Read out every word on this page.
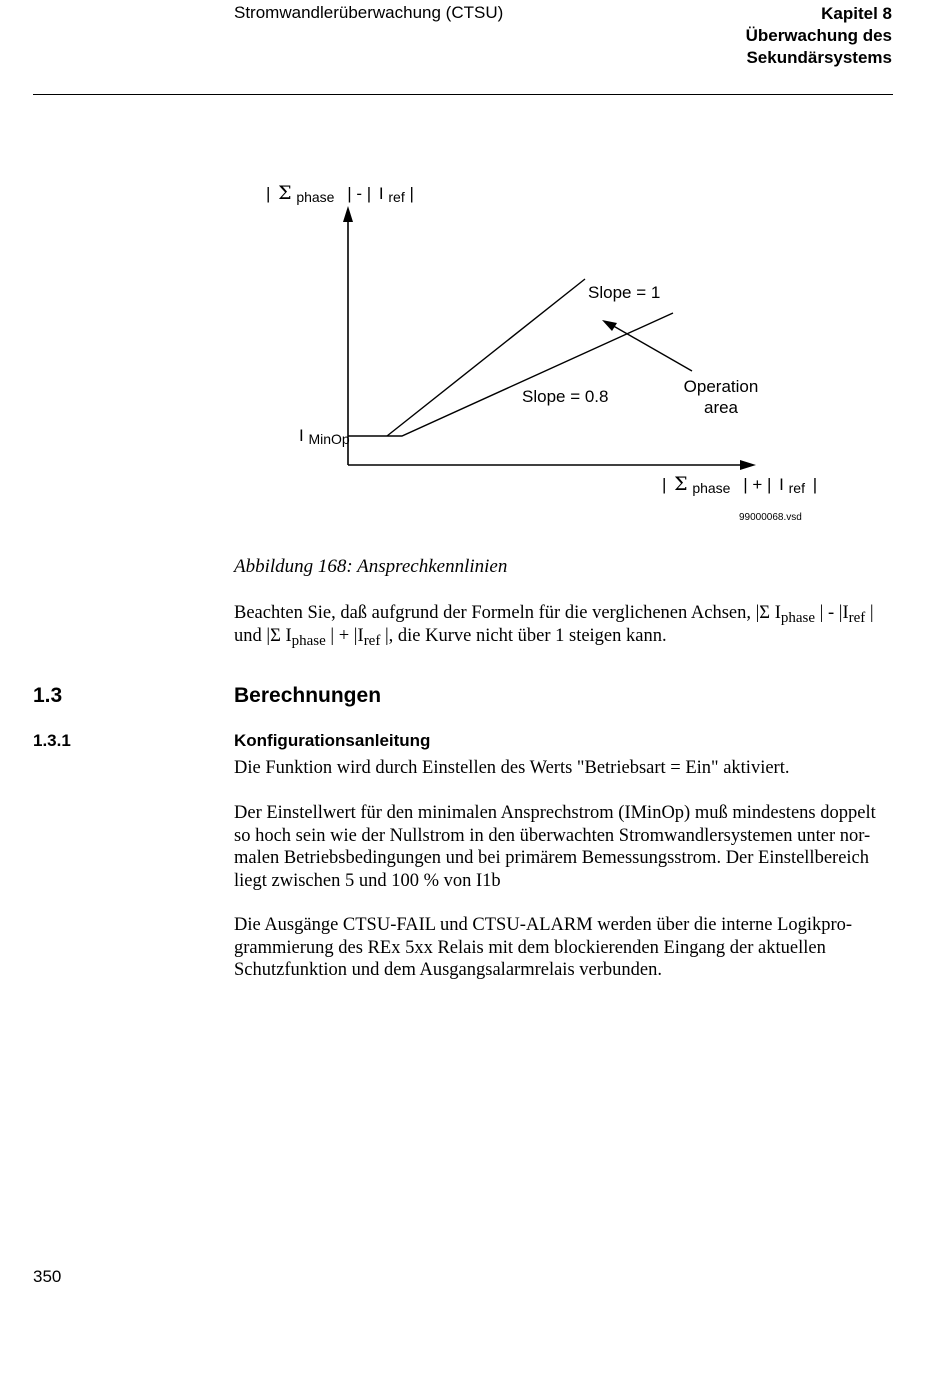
Stromwandlerüberwachung (CTSU)	Kapitel 8
Überwachung des
Sekundärsystems
| Σ phase | - | I ref |
| Σ phase | + | I ref |
I MinOp
Slope = 1
Slope = 0.8
Operation
area
99000068.vsd
Abbildung 168: Ansprechkennlinien

Beachten Sie, daß aufgrund der Formeln für die verglichenen Achsen, |Σ $I_{phase}$ | - $|I_{ref}$ |
und |Σ $I_{phase}$ | + $|I_{ref}$ |, die Kurve nicht über 1 steigen kann.

1.3	Berechnungen
1.3.1	Konfigurationsanleitung

Die Funktion wird durch Einstellen des Werts "Betriebsart = Ein" aktiviert.

Der Einstellwert für den minimalen Ansprechstrom (IMinOp) muß mindestens doppelt
so hoch sein wie der Nullstrom in den überwachten Stromwandlersystemen unter nor-
malen Betriebsbedingungen und bei primärem Bemessungsstrom. Der Einstellbereich
liegt zwischen 5 und 100 % von I1b

Die Ausgänge CTSU-FAIL und CTSU-ALARM werden über die interne Logikpro-
grammierung des REx 5xx Relais mit dem blockierenden Eingang der aktuellen
Schutzfunktion und dem Ausgangsalarmrelais verbunden.

350
